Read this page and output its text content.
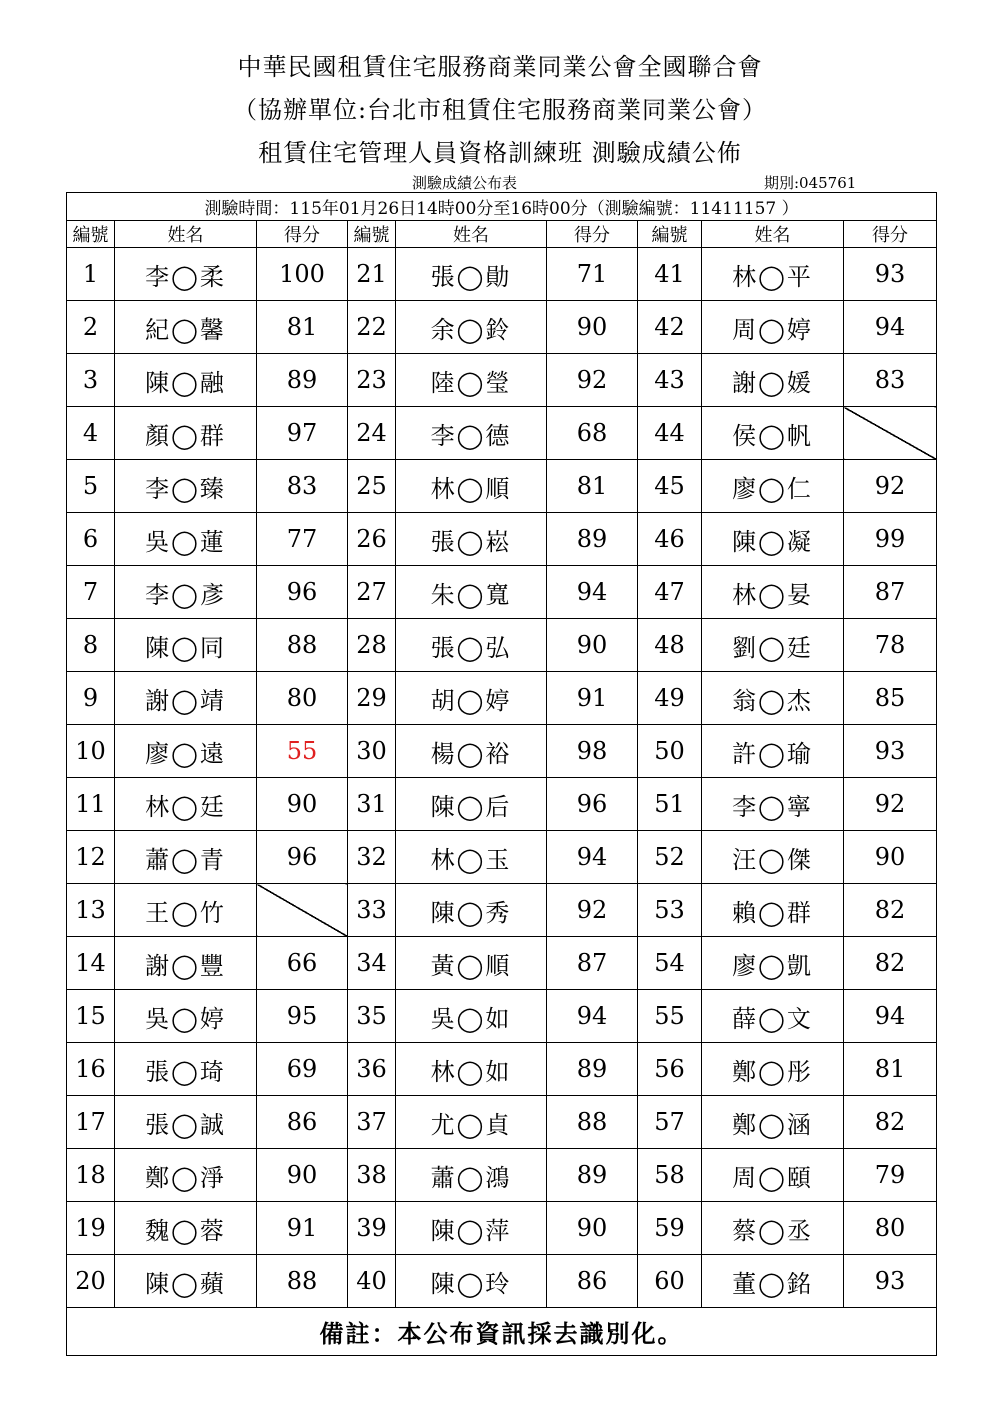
中華民國租賃住宅服務商業同業公會全國聯合會
（協辦單位:台北市租賃住宅服務商業同業公會）
租賃住宅管理人員資格訓練班 測驗成績公佈
測驗成績公布表	期別:045761
測驗時間：115年01月26日14時00分至16時00分（測驗編號：11411157 ）								
編號	姓名	得分	編號	姓名	得分	編號	姓名	得分
1	李◯柔	100	21	張◯勛	71	41	林◯平	93
2	紀◯馨	81	22	余◯鈴	90	42	周◯婷	94
3	陳◯融	89	23	陸◯瑩	92	43	謝◯媛	83
4	顏◯群	97	24	李◯德	68	44	侯◯帆	
5	李◯臻	83	25	林◯順	81	45	廖◯仁	92
6	吳◯蓮	77	26	張◯崧	89	46	陳◯凝	99
7	李◯彥	96	27	朱◯寬	94	47	林◯妟	87
8	陳◯同	88	28	張◯弘	90	48	劉◯廷	78
9	謝◯靖	80	29	胡◯婷	91	49	翁◯杰	85
10	廖◯遠	55	30	楊◯裕	98	50	許◯瑜	93
11	林◯廷	90	31	陳◯后	96	51	李◯寧	92
12	蕭◯青	96	32	林◯玉	94	52	汪◯傑	90
13	王◯竹		33	陳◯秀	92	53	賴◯群	82
14	謝◯豐	66	34	黃◯順	87	54	廖◯凱	82
15	吳◯婷	95	35	吳◯如	94	55	薛◯文	94
16	張◯琦	69	36	林◯如	89	56	鄭◯彤	81
17	張◯誠	86	37	尤◯貞	88	57	鄭◯涵	82
18	鄭◯淨	90	38	蕭◯鴻	89	58	周◯頤	79
19	魏◯蓉	91	39	陳◯萍	90	59	蔡◯丞	80
20	陳◯蘋	88	40	陳◯玲	86	60	董◯銘	93
備註：本公布資訊採去識別化。								
